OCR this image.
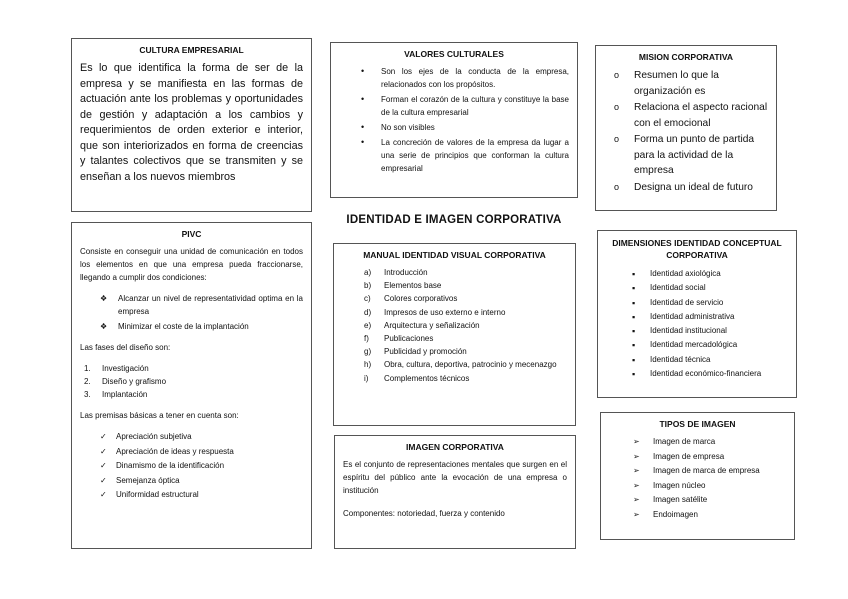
CULTURA EMPRESARIAL
Es lo que identifica la forma de ser de la empresa y se manifiesta en las formas de actuación ante los problemas y oportunidades de gestión y adaptación a los cambios y requerimientos de orden exterior e interior, que son interiorizados en forma de creencias y talantes colectivos que se transmiten y se enseñan a los nuevos miembros
VALORES CULTURALES
• Son los ejes de la conducta de la empresa, relacionados con los propósitos.
• Forman el corazón de la cultura y constituye la base de la cultura empresarial
• No son visibles
• La concreción de valores de la empresa da lugar a una serie de principios que conforman la cultura empresarial
MISION CORPORATIVA
o Resumen lo que la organización es
o Relaciona el aspecto racional con el emocional
o Forma un punto de partida para la actividad de la empresa
o Designa un ideal de futuro
IDENTIDAD E IMAGEN CORPORATIVA
PIVC

Consiste en conseguir una unidad de comunicación en todos los elementos en que una empresa pueda fraccionarse, llegando a cumplir dos condiciones:

❖ Alcanzar un nivel de representatividad optima en la empresa
❖ Minimizar el coste de la implantación

Las fases del diseño son:

1. Investigación
2. Diseño y grafismo
3. Implantación

Las premisas básicas a tener en cuenta son:

✓ Apreciación subjetiva
✓ Apreciación de ideas y respuesta
✓ Dinamismo de la identificación
✓ Semejanza óptica
✓ Uniformidad estructural
MANUAL IDENTIDAD VISUAL CORPORATIVA
a) Introducción
b) Elementos base
c) Colores corporativos
d) Impresos de uso externo e interno
e) Arquitectura y señalización
f) Publicaciones
g) Publicidad y promoción
h) Obra, cultura, deportiva, patrocinio y mecenazgo
i) Complementos técnicos
IMAGEN CORPORATIVA

Es el conjunto de representaciones mentales que surgen en el espíritu del público ante la evocación de una empresa o institución

Componentes: notoriedad, fuerza y contenido

DIMENSIONES IDENTIDAD CONCEPTUAL CORPORATIVA
▪ Identidad axiológica
▪ Identidad social
▪ Identidad de servicio
▪ Identidad administrativa
▪ Identidad institucional
▪ Identidad mercadológica
▪ Identidad técnica
▪ Identidad económico-financiera
TIPOS DE IMAGEN
➢ Imagen de marca
➢ Imagen de empresa
➢ Imagen de marca de empresa
➢ Imagen núcleo
➢ Imagen satélite
➢ Endoimagen
